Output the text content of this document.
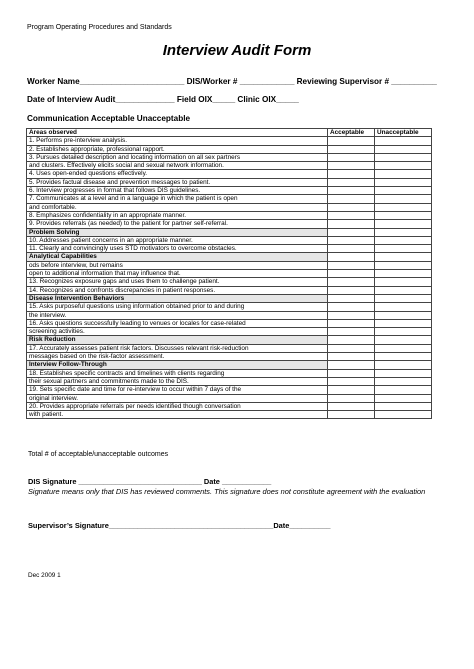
Program Operating Procedures and Standards
Interview Audit Form
Worker Name_______________________ DIS/Worker # ____________ Reviewing Supervisor # __________
Date of Interview Audit_____________ Field OIX_____ Clinic OIX_____
Communication Acceptable Unacceptable
Areas observed	Acceptable	Unacceptable
1. Performs pre-interview analysis.		
2. Establishes appropriate, professional rapport.		
3. Pursues detailed description and locating information on all sex partners		
and clusters. Effectively elicits social and sexual network information.		
4. Uses open-ended questions effectively.		
5. Provides factual disease and prevention messages to patient.		
6. Interview progresses in format that follows DIS guidelines.		
7. Communicates at a level and in a language in which the patient is open		
and comfortable.		
8. Emphasizes confidentiality in an appropriate manner.		
9. Provides referrals (as needed) to the patient for partner self-referral.		
Problem Solving		
10. Addresses patient concerns in an appropriate manner.		
11. Clearly and convincingly uses STD motivators to overcome obstacles.		
Analytical Capabilities		
ods before interview, but remains		
open to additional information that may influence that.		
13. Recognizes exposure gaps and uses them to challenge patient.		
14. Recognizes and confronts discrepancies in patient responses.		
Disease Intervention Behaviors		
15. Asks purposeful questions using information obtained prior to and during		
the interview.		
16. Asks questions successfully leading to venues or locales for case-related		
screening activities.		
Risk Reduction		
17. Accurately assesses patient risk factors. Discusses relevant risk-reduction		
messages based on the risk-factor assessment.		
Interview Follow-Through		
18. Establishes specific contracts and timelines with clients regarding		
their sexual partners and commitments made to the DIS.		
19. Sets specific date and time for re-interview to occur within 7 days of the		
original interview.		
20. Provides appropriate referrals per needs identified though conversation		
with patient.		
Total # of acceptable/unacceptable outcomes
DIS Signature ______________________________ Date ____________
Signature means only that DIS has reviewed comments. This signature does not constitute agreement with the evaluation
Supervisor’s Signature________________________________________Date__________
Dec 2009 1
